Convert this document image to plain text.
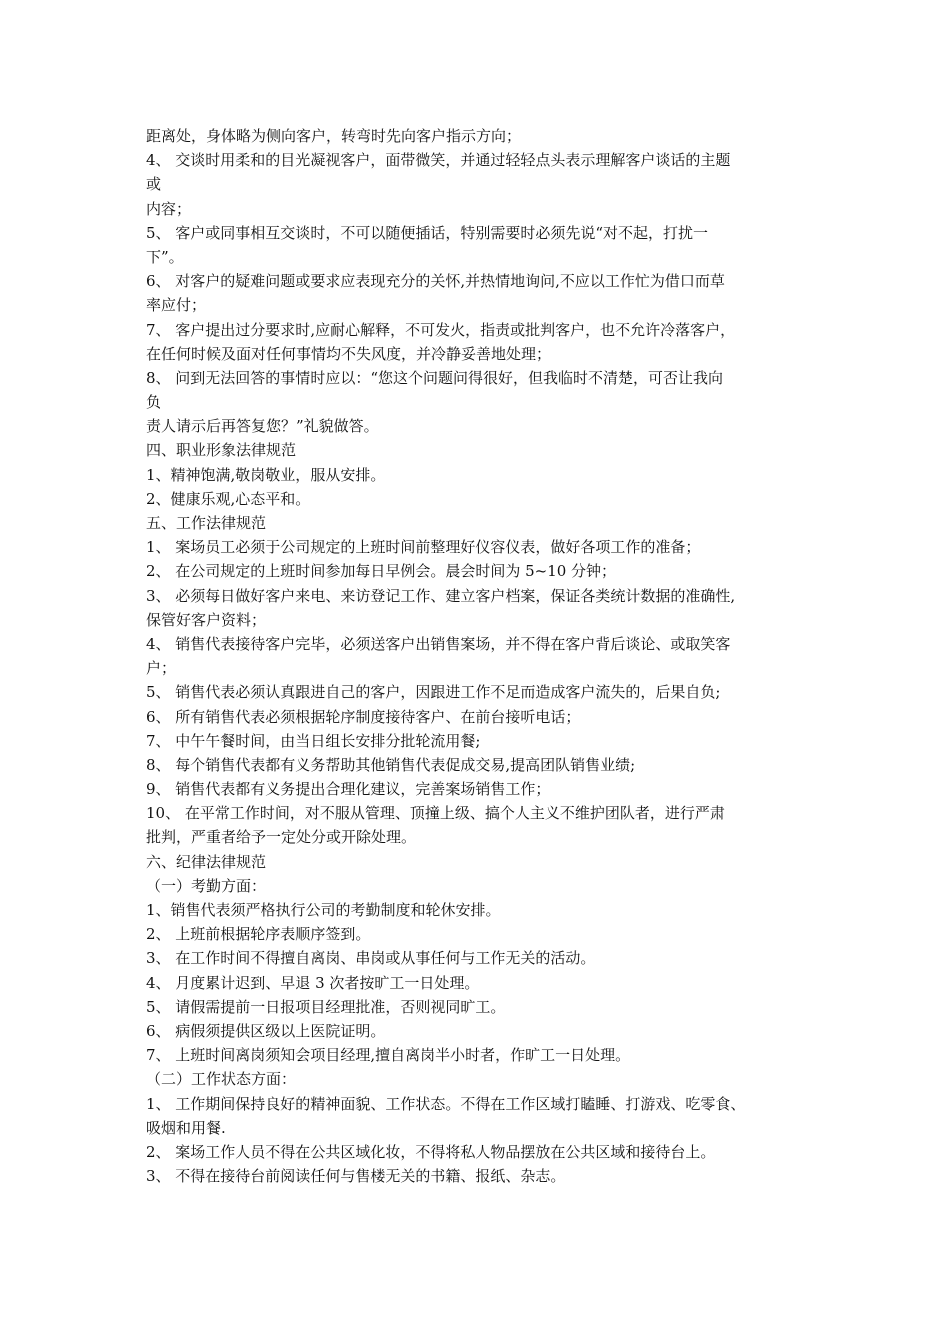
距离处，身体略为侧向客户，转弯时先向客户指示方向；
4、 交谈时用柔和的目光凝视客户，面带微笑，并通过轻轻点头表示理解客户谈话的主题
或
内容；
5、 客户或同事相互交谈时，不可以随便插话，特别需要时必须先说“对不起，打扰一
下”。
6、 对客户的疑难问题或要求应表现充分的关怀,并热情地询问,不应以工作忙为借口而草
率应付；
7、 客户提出过分要求时,应耐心解释，不可发火，指责或批判客户，也不允许冷落客户，
在任何时候及面对任何事情均不失风度，并冷静妥善地处理；
8、 问到无法回答的事情时应以：“您这个问题问得很好，但我临时不清楚，可否让我向
负
责人请示后再答复您？”礼貌做答。
四、职业形象法律规范
1、精神饱满,敬岗敬业，服从安排。
2、健康乐观,心态平和。
五、工作法律规范
1、 案场员工必须于公司规定的上班时间前整理好仪容仪表，做好各项工作的准备；
2、 在公司规定的上班时间参加每日早例会。晨会时间为 5~10 分钟；
3、 必须每日做好客户来电、来访登记工作、建立客户档案，保证各类统计数据的准确性,
保管好客户资料；
4、 销售代表接待客户完毕，必须送客户出销售案场，并不得在客户背后谈论、或取笑客
户；
5、 销售代表必须认真跟进自己的客户，因跟进工作不足而造成客户流失的，后果自负;
6、 所有销售代表必须根据轮序制度接待客户、在前台接听电话；
7、 中午午餐时间，由当日组长安排分批轮流用餐;
8、 每个销售代表都有义务帮助其他销售代表促成交易,提高团队销售业绩;
9、 销售代表都有义务提出合理化建议，完善案场销售工作；
10、 在平常工作时间，对不服从管理、顶撞上级、搞个人主义不维护团队者，进行严肃
批判，严重者给予一定处分或开除处理。
六、纪律法律规范
（一）考勤方面：
1、销售代表须严格执行公司的考勤制度和轮休安排。
2、 上班前根据轮序表顺序签到。
3、 在工作时间不得擅自离岗、串岗或从事任何与工作无关的活动。
4、 月度累计迟到、早退 3 次者按旷工一日处理。
5、 请假需提前一日报项目经理批准，否则视同旷工。
6、 病假须提供区级以上医院证明。
7、 上班时间离岗须知会项目经理,擅自离岗半小时者，作旷工一日处理。
（二）工作状态方面：
1、 工作期间保持良好的精神面貌、工作状态。不得在工作区域打瞌睡、打游戏、吃零食、
吸烟和用餐.
2、 案场工作人员不得在公共区域化妆，不得将私人物品摆放在公共区域和接待台上。
3、 不得在接待台前阅读任何与售楼无关的书籍、报纸、杂志。
